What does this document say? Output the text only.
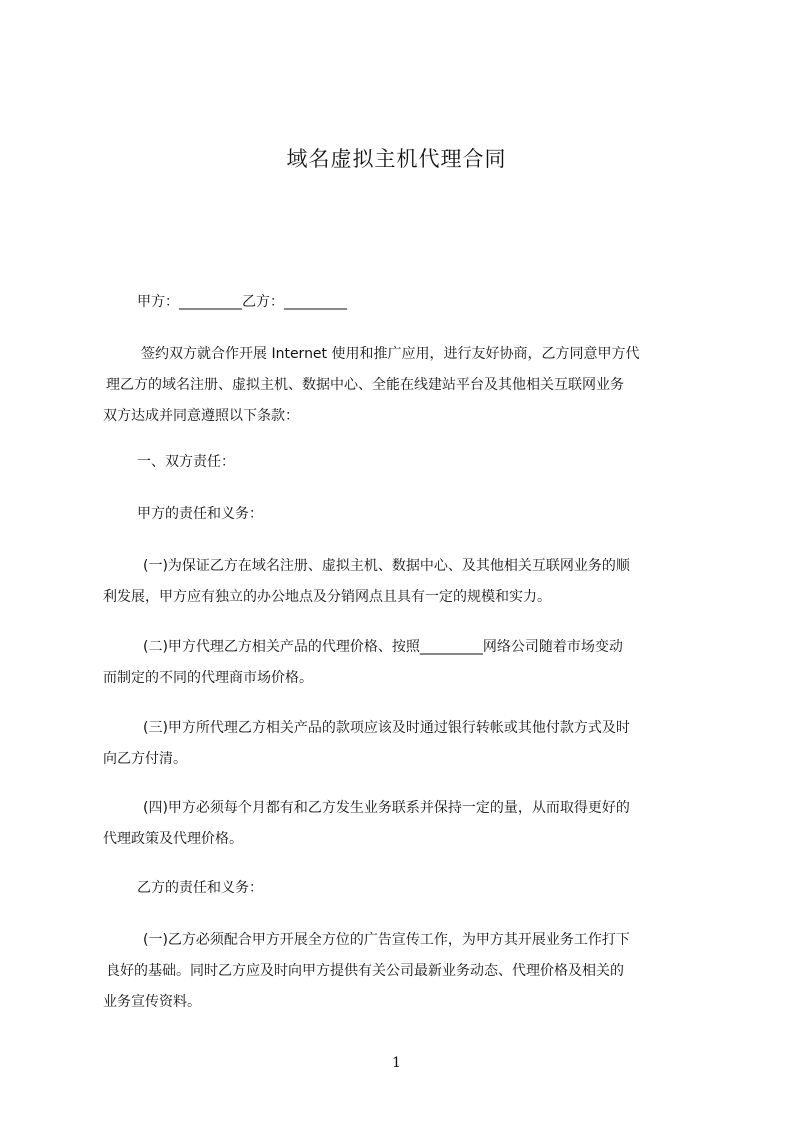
域名虚拟主机代理合同
甲方：_________乙方：_________
签约双方就合作开展 Internet 使用和推广应用，进行友好协商，乙方同意甲方代
理乙方的域名注册、虚拟主机、数据中心、全能在线建站平台及其他相关互联网业务
双方达成并同意遵照以下条款：
一、双方责任：
甲方的责任和义务：
(一)为保证乙方在域名注册、虚拟主机、数据中心、及其他相关互联网业务的顺
利发展，甲方应有独立的办公地点及分销网点且具有一定的规模和实力。
(二)甲方代理乙方相关产品的代理价格、按照_________网络公司随着市场变动
而制定的不同的代理商市场价格。
(三)甲方所代理乙方相关产品的款项应该及时通过银行转帐或其他付款方式及时
向乙方付清。
(四)甲方必须每个月都有和乙方发生业务联系并保持一定的量，从而取得更好的
代理政策及代理价格。
乙方的责任和义务：
(一)乙方必须配合甲方开展全方位的广告宣传工作，为甲方其开展业务工作打下
良好的基础。同时乙方应及时向甲方提供有关公司最新业务动态、代理价格及相关的
业务宣传资料。
1
